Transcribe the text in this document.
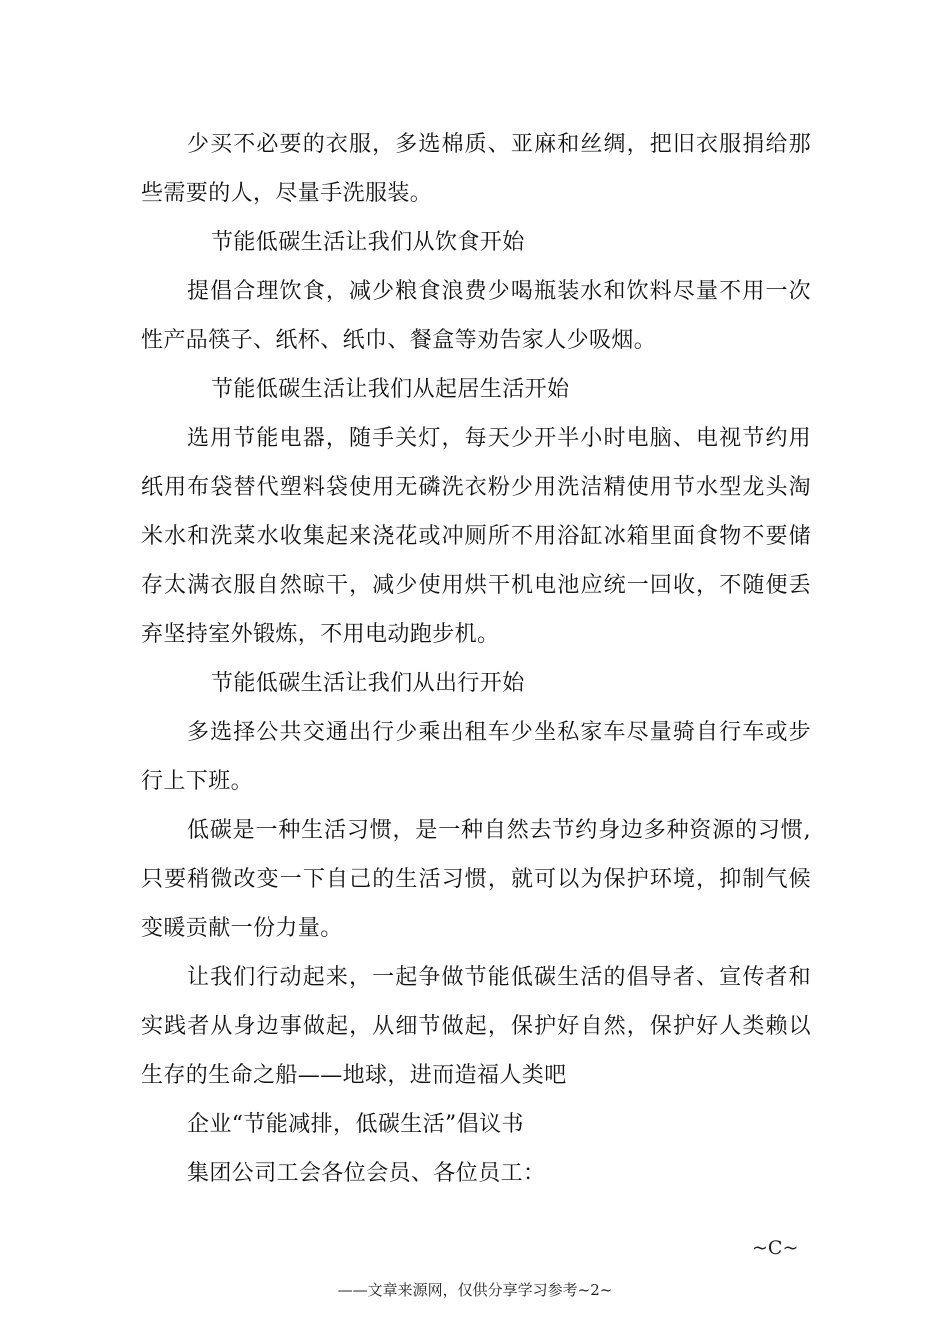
少买不必要的衣服，多选棉质、亚麻和丝绸，把旧衣服捐给那些需要的人，尽量手洗服装。

节能低碳生活让我们从饮食开始

提倡合理饮食，减少粮食浪费少喝瓶装水和饮料尽量不用一次性产品筷子、纸杯、纸巾、餐盒等劝告家人少吸烟。

节能低碳生活让我们从起居生活开始

选用节能电器，随手关灯，每天少开半小时电脑、电视节约用纸用布袋替代塑料袋使用无磷洗衣粉少用洗洁精使用节水型龙头淘米水和洗菜水收集起来浇花或冲厕所不用浴缸冰箱里面食物不要储存太满衣服自然晾干，减少使用烘干机电池应统一回收，不随便丢弃坚持室外锻炼，不用电动跑步机。

节能低碳生活让我们从出行开始

多选择公共交通出行少乘出租车少坐私家车尽量骑自行车或步行上下班。

低碳是一种生活习惯，是一种自然去节约身边多种资源的习惯,只要稍微改变一下自己的生活习惯，就可以为保护环境，抑制气候变暖贡献一份力量。

让我们行动起来，一起争做节能低碳生活的倡导者、宣传者和实践者从身边事做起，从细节做起，保护好自然，保护好人类赖以生存的生命之船——地球，进而造福人类吧

企业“节能减排，低碳生活”倡议书

集团公司工会各位会员、各位员工：

~C~
——文章来源网，仅供分享学习参考~2~
